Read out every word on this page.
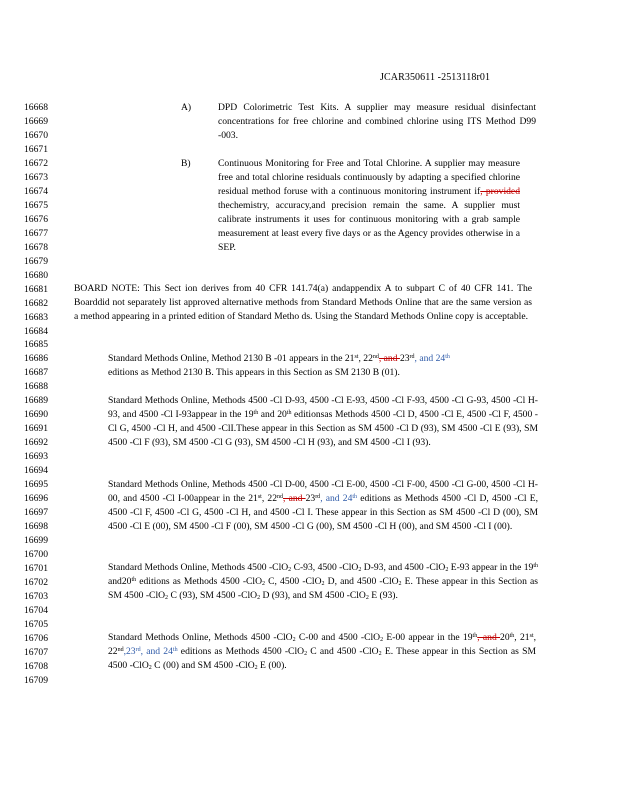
JCAR350611 -2513118r01
16668
16669
16670
16671
16672
16673
16674
16675
16676
16677
16678
16679
16680
16681
16682
16683
16684
16685
16686
16687
16688
16689
16690
16691
16692
16693
16694
16695
16696
16697
16698
16699
16700
16701
16702
16703
16704
16705
16706
16707
16708
16709
A)	DPD Colorimetric Test Kits. A supplier may measure residual disinfectant concentrations for free chlorine and combined chlorine using ITS Method D99 -003.
B)	Continuous Monitoring for Free and Total Chlorine. A supplier may measure free and total chlorine residuals continuously by adapting a specified chlorine residual method foruse with a continuous monitoring instrument if, provided thechemistry, accuracy,and precision remain the same. A supplier must calibrate instruments it uses for continuous monitoring with a grab sample measurement at least every five days or as the Agency provides otherwise in a SEP.
BOARD NOTE: This Sect ion derives from 40 CFR 141.74(a) andappendix A to subpart C of 40 CFR 141. The Boarddid not separately list approved alternative methods from Standard Methods Online that are the same version as a method appearing in a printed edition of Standard Metho ds. Using the Standard Methods Online copy is acceptable.
Standard Methods Online, Method 2130 B -01 appears in the 21st, 22nd, and 23rd, and 24th
editions as Method 2130 B. This appears in this Section as SM 2130 B (01).
Standard Methods Online, Methods 4500 -Cl D-93, 4500 -Cl E-93, 4500 -Cl F-93, 4500 -Cl G-93, 4500 -Cl H-93, and 4500 -Cl I-93appear in the 19th and 20th editionsas Methods 4500 -Cl D, 4500 -Cl E, 4500 -Cl F, 4500 -Cl G, 4500 -Cl H, and 4500 -ClI.These appear in this Section as SM 4500 -Cl D (93), SM 4500 -Cl E (93), SM 4500 -Cl F (93), SM 4500 -Cl G (93), SM 4500 -Cl H (93), and SM 4500 -Cl I (93).
Standard Methods Online, Methods 4500 -Cl D-00, 4500 -Cl E-00, 4500 -Cl F-00, 4500 -Cl G-00, 4500 -Cl H-00, and 4500 -Cl I-00appear in the 21st, 22nd, and 23rd, and 24th editions as Methods 4500 -Cl D, 4500 -Cl E, 4500 -Cl F, 4500 -Cl G, 4500 -Cl H, and 4500 -Cl I. These appear in this Section as SM 4500 -Cl D (00), SM 4500 -Cl E (00), SM 4500 -Cl F (00), SM 4500 -Cl G (00), SM 4500 -Cl H (00), and SM 4500 -Cl I (00).
Standard Methods Online, Methods 4500 -ClO$_2$ C-93, 4500 -ClO$_2$ D-93, and 4500 -ClO$_2$ E-93 appear in the 19th and20th editions as Methods 4500 -ClO$_2$ C, 4500 -ClO$_2$ D, and 4500 -ClO$_2$ E. These appear in this Section as SM 4500 -ClO$_2$ C (93), SM 4500 -ClO$_2$ D (93), and SM 4500 -ClO$_2$ E (93).
Standard Methods Online, Methods 4500 -ClO$_2$ C-00 and 4500 -ClO$_2$ E-00 appear in the 19th, and 20th, 21st, 22nd,23rd, and 24th editions as Methods 4500 -ClO$_2$ C and 4500 -ClO$_2$ E. These appear in this Section as SM 4500 -ClO$_2$ C (00) and SM 4500 -ClO$_2$ E (00).
